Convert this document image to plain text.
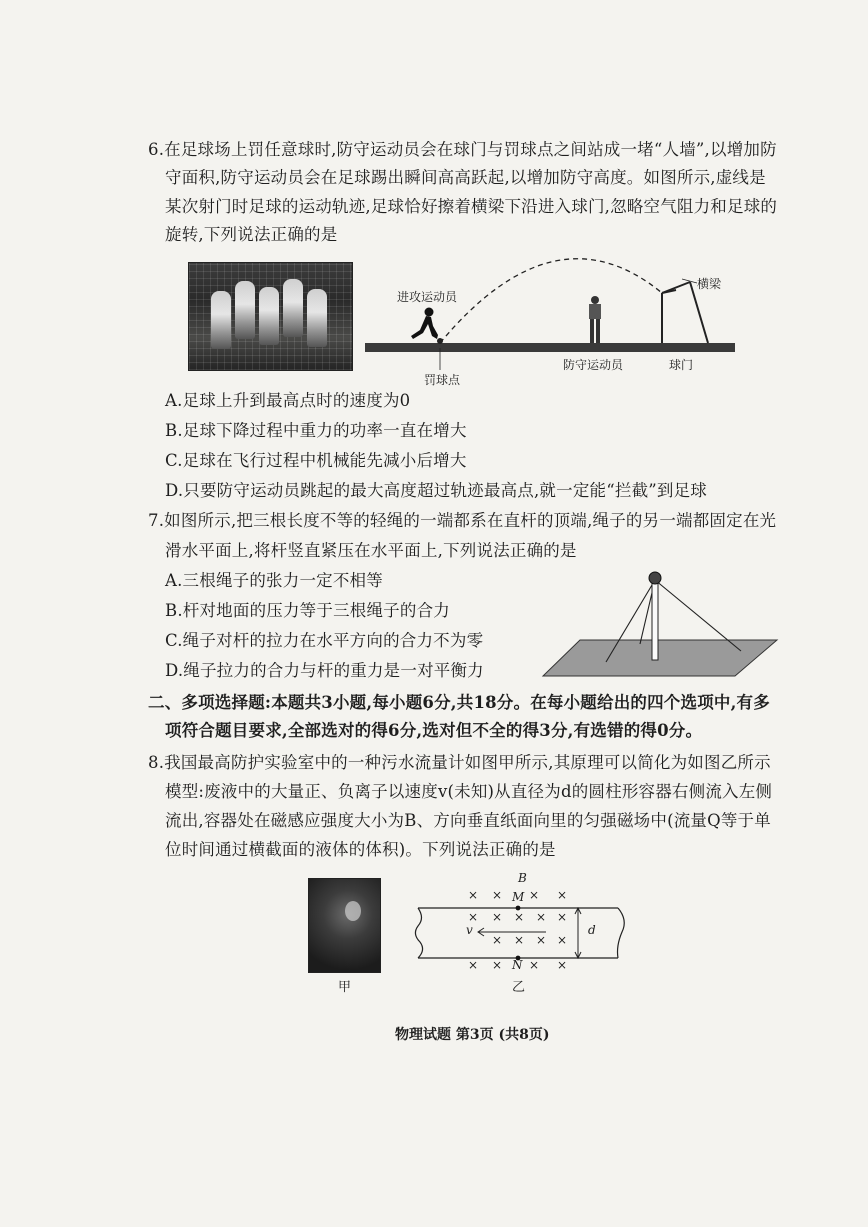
6.在足球场上罚任意球时,防守运动员会在球门与罚球点之间站成一堵“人墙”,以增加防
守面积,防守运动员会在足球踢出瞬间高高跃起,以增加防守高度。如图所示,虚线是
某次射门时足球的运动轨迹,足球恰好擦着横梁下沿进入球门,忽略空气阻力和足球的
旋转,下列说法正确的是
进攻运动员
横梁
罚球点
防守运动员	球门
A.足球上升到最高点时的速度为0
B.足球下降过程中重力的功率一直在增大
C.足球在飞行过程中机械能先减小后增大
D.只要防守运动员跳起的最大高度超过轨迹最高点,就一定能“拦截”到足球
7.如图所示,把三根长度不等的轻绳的一端都系在直杆的顶端,绳子的另一端都固定在光
滑水平面上,将杆竖直紧压在水平面上,下列说法正确的是
A.三根绳子的张力一定不相等
B.杆对地面的压力等于三根绳子的合力
C.绳子对杆的拉力在水平方向的合力不为零
D.绳子拉力的合力与杆的重力是一对平衡力
二、多项选择题:本题共3小题,每小题6分,共18分。在每小题给出的四个选项中,有多
项符合题目要求,全部选对的得6分,选对但不全的得3分,有选错的得0分。
8.我国最高防护实验室中的一种污水流量计如图甲所示,其原理可以简化为如图乙所示
模型:废液中的大量正、负离子以速度v(未知)从直径为d的圆柱形容器右侧流入左侧
流出,容器处在磁感应强度大小为B、方向垂直纸面向里的匀强磁场中(流量Q等于单
位时间通过横截面的液体的体积)。下列说法正确的是
甲
× × × ×
× × × × ×
× × × ×
× × × ×
B
M
N
v	d
乙
物理试题 第3页 (共8页)
